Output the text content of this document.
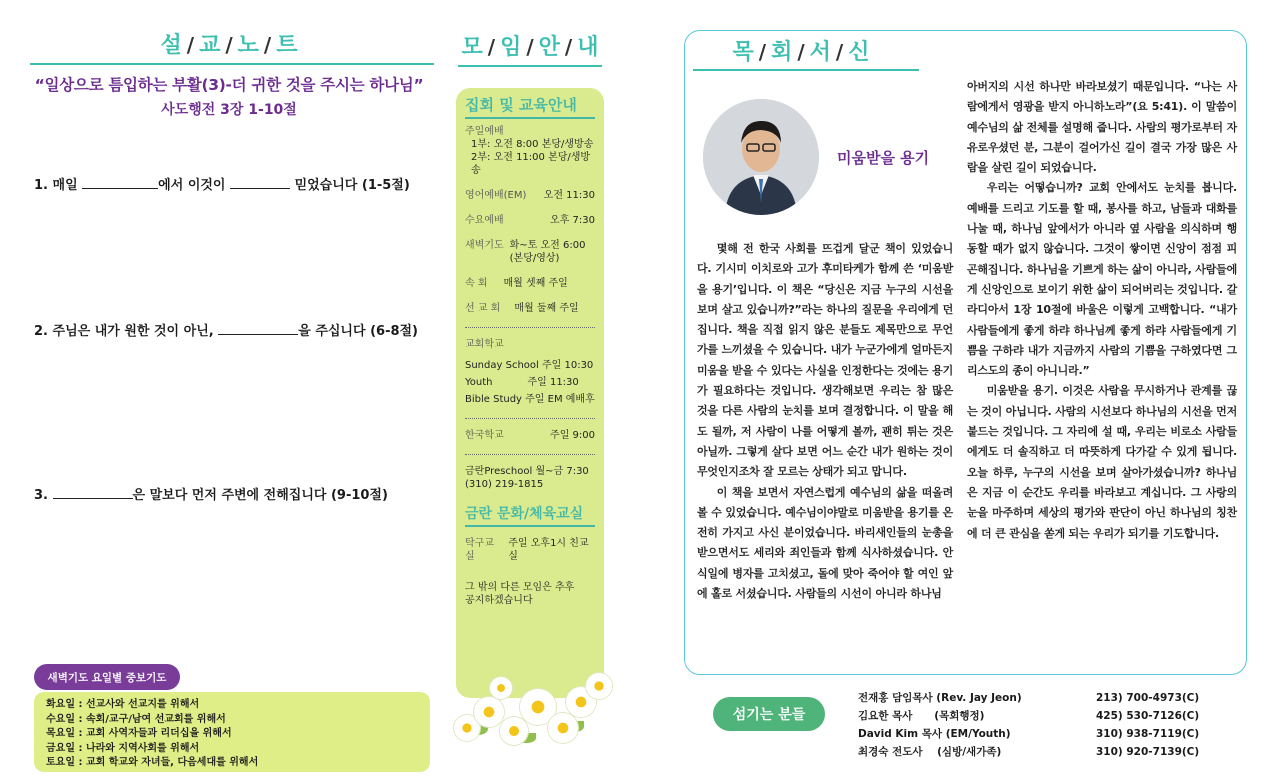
설 / 교 / 노 / 트
“일상으로 틈입하는 부활(3)-더 귀한 것을 주시는 하나님”
사도행전 3장 1-10절
1. 매일	에서 이것이	믿었습니다 (1-5절)
2. 주님은 내가 원한 것이 아닌,	을 주십니다 (6-8절)
3.	은 말보다 먼저 주변에 전해집니다 (9-10절)
새벽기도 요일별 중보기도
화요일 : 선교사와 선교지를 위해서
수요일 : 속회/교구/남여 선교회를 위해서
목요일 : 교회 사역자들과 리더십을 위해서
금요일 : 나라와 지역사회를 위해서
토요일 : 교회 학교와 자녀들, 다음세대를 위해서
모 / 임 / 안 / 내
집회 및 교육안내
주일예배
1부: 오전 8:00 본당/생방송
2부: 오전 11:00 본당/생방송
영어예배(EM) 오전 11:30
수요예배	오후 7:30
새벽기도 화~토 오전 6:00
(본당/영상)
속 회 매월 셋째 주일
선 교 회 매월 둘째 주일
교회학교
Sunday School 주일 10:30
Youth           주일 11:30
Bible Study 주일 EM 예배후
한국학교	주일 9:00
금란Preschool 월~금 7:30
(310) 219-1815
금란 문화/체육교실
탁구교실
주일 오후1시 친교실
그 밖의 다른 모임은 추후
공지하겠습니다
목 / 회 / 서 / 신
미움받을 용기

몇해 전 한국 사회를 뜨겁게 달군 책이 있었습니다. 기시미 이치로와 고가 후미타케가 함께 쓴 ‘미움받을 용기’입니다. 이 책은 “당신은 지금 누구의 시선을 보며 살고 있습니까?”라는 하나의 질문을 우리에게 던집니다. 책을 직접 읽지 않은 분들도 제목만으로 무언가를 느끼셨을 수 있습니다. 내가 누군가에게 얼마든지 미움을 받을 수 있다는 사실을 인정한다는 것에는 용기가 필요하다는 것입니다. 생각해보면 우리는 참 많은 것을 다른 사람의 눈치를 보며 결정합니다. 이 말을 해도 될까, 저 사람이 나를 어떻게 볼까, 괜히 튀는 것은 아닐까. 그렇게 살다 보면 어느 순간 내가 원하는 것이 무엇인지조차 잘 모르는 상태가 되고 맙니다.

이 책을 보면서 자연스럽게 예수님의 삶을 떠올려 볼 수 있었습니다. 예수님이야말로 미움받을 용기를 온전히 가지고 사신 분이었습니다. 바리새인들의 눈총을 받으면서도 세리와 죄인들과 함께 식사하셨습니다. 안식일에 병자를 고치셨고, 돌에 맞아 죽어야 할 여인 앞에 홀로 서셨습니다. 사람들의 시선이 아니라 하나님

아버지의 시선 하나만 바라보셨기 때문입니다. “나는 사람에게서 영광을 받지 아니하노라”(요 5:41). 이 말씀이 예수님의 삶 전체를 설명해 줍니다. 사람의 평가로부터 자유로우셨던 분, 그분이 걸어가신 길이 결국 가장 많은 사람을 살린 길이 되었습니다.

우리는 어떻습니까? 교회 안에서도 눈치를 봅니다. 예배를 드리고 기도를 할 때, 봉사를 하고, 남들과 대화를 나눌 때, 하나님 앞에서가 아니라 옆 사람을 의식하며 행동할 때가 없지 않습니다. 그것이 쌓이면 신앙이 점점 피곤해집니다. 하나님을 기쁘게 하는 삶이 아니라, 사람들에게 신앙인으로 보이기 위한 삶이 되어버리는 것입니다. 갈라디아서 1장 10절에 바울은 이렇게 고백합니다. “내가 사람들에게 좋게 하랴 하나님께 좋게 하랴 사람들에게 기쁨을 구하랴 내가 지금까지 사람의 기쁨을 구하였다면 그리스도의 종이 아니니라.”

미움받을 용기. 이것은 사람을 무시하거나 관계를 끊는 것이 아닙니다. 사람의 시선보다 하나님의 시선을 먼저 붙드는 것입니다. 그 자리에 설 때, 우리는 비로소 사람들에게도 더 솔직하고 더 따뜻하게 다가갈 수 있게 됩니다. 오늘 하루, 누구의 시선을 보며 살아가셨습니까? 하나님은 지금 이 순간도 우리를 바라보고 계십니다. 그 사랑의 눈을 마주하며 세상의 평가와 판단이 아닌 하나님의 칭찬에 더 큰 관심을 쏟게 되는 우리가 되기를 기도합니다.

섬기는 분들
전재홍 담임목사 (Rev. Jay Jeon)	213) 700-4973(C)
김요한 목사      (목회행정)	425) 530-7126(C)
David Kim 목사 (EM/Youth)	310) 938-7119(C)
최경숙 전도사    (심방/새가족)	310) 920-7139(C)
